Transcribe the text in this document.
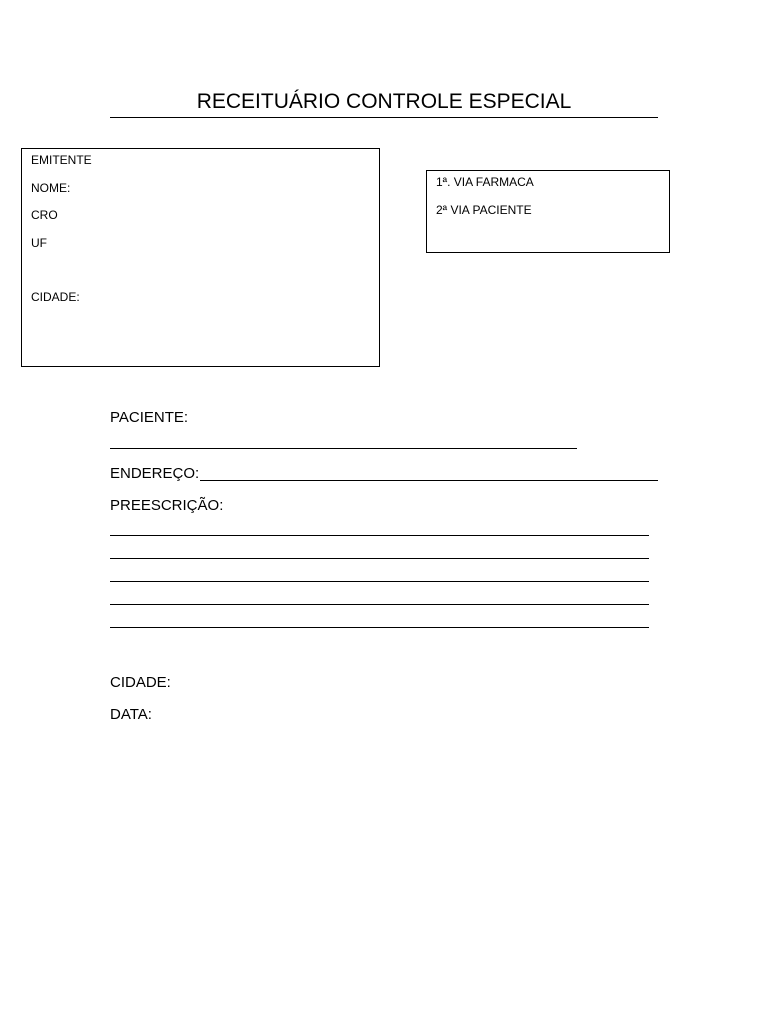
RECEITUÁRIO CONTROLE ESPECIAL
EMITENTE
NOME:
CRO
UF
CIDADE:
1ª. VIA FARMACA
2ª VIA PACIENTE
PACIENTE:
ENDEREÇO:
PREESCRIÇÃO:
CIDADE:
DATA:
